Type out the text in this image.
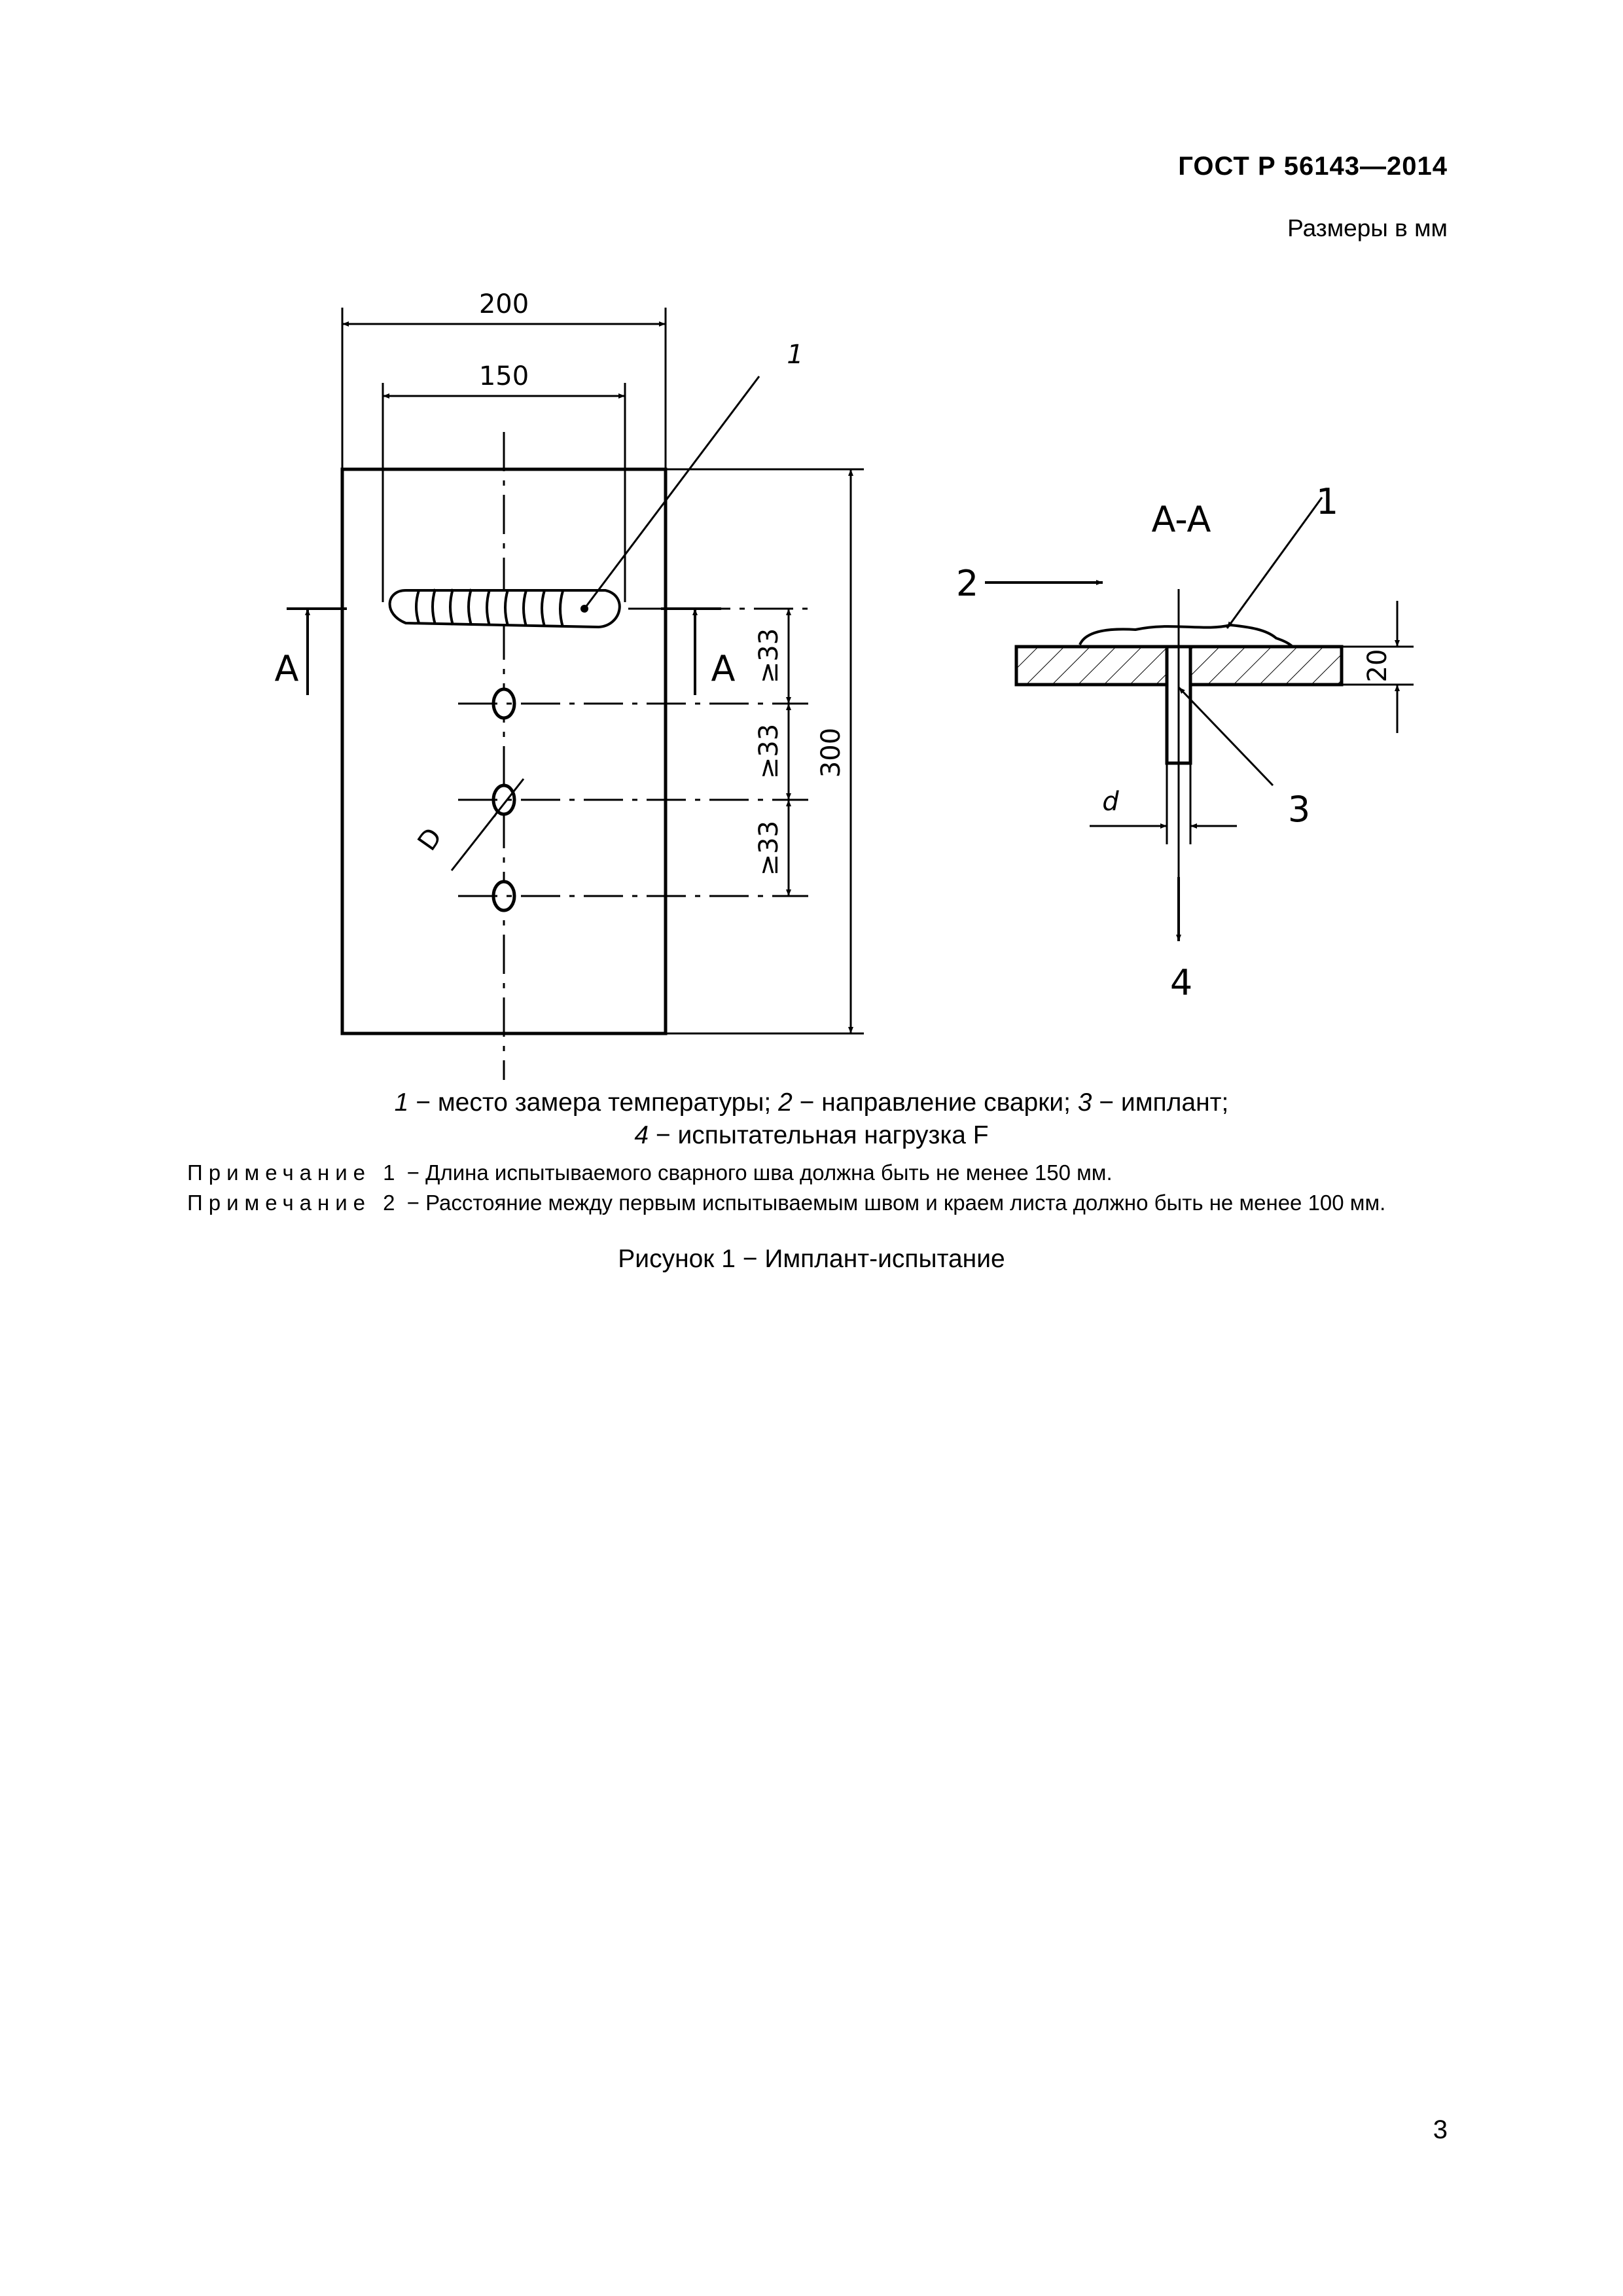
ГОСТ Р 56143—2014
Размеры в мм
200
150
300
≥33
≥33
≥33
D
A	A
1
A-A	1
2
3
4
20
d
1 − место замера температуры; 2 − направление сварки; 3 − имплант;
4 − испытательная нагрузка F
Примечание 1 − Длина испытываемого сварного шва должна быть не менее 150 мм.
Примечание 2 − Расстояние между первым испытываемым швом и краем листа должно быть не менее 100 мм.
Рисунок 1 − Имплант-испытание
3
